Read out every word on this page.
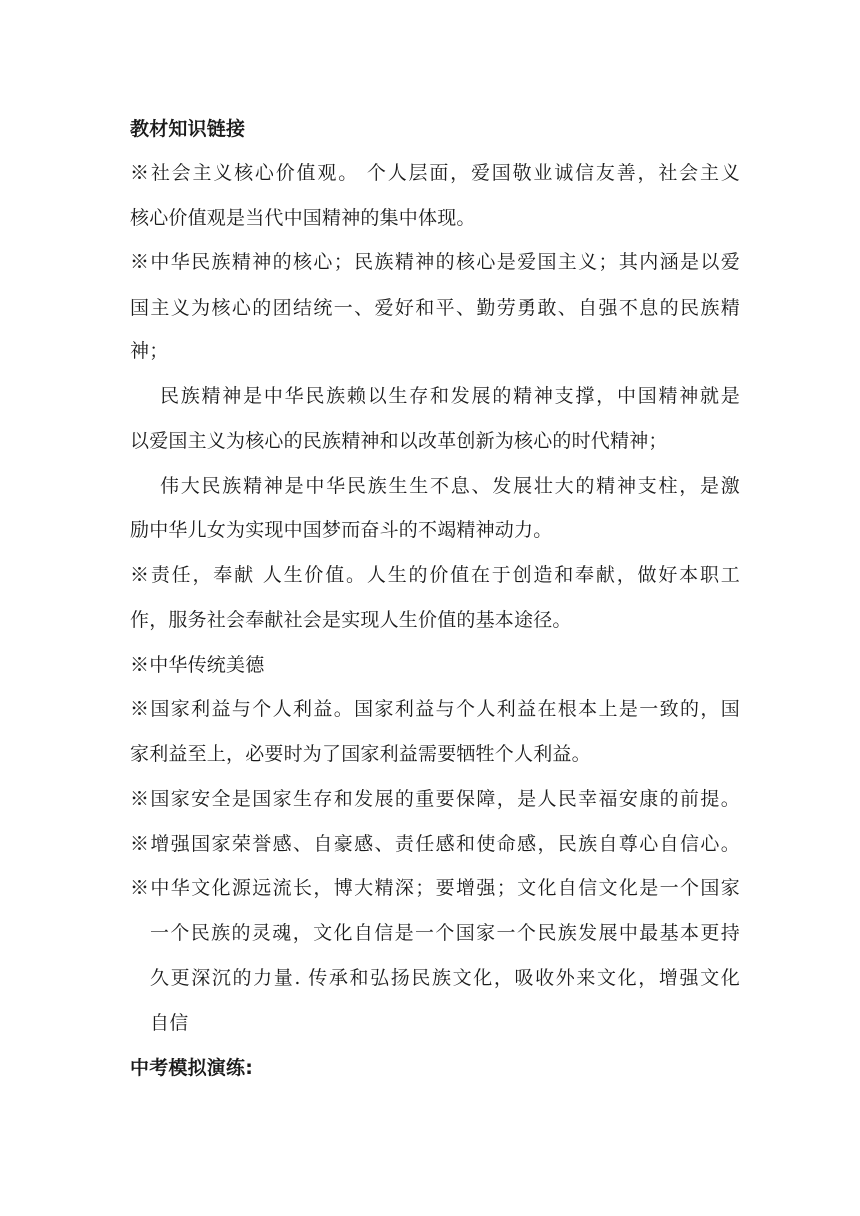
教材知识链接
※社会主义核心价值观。 个人层面，爱国敬业诚信友善，社会主义
核心价值观是当代中国精神的集中体现。
※中华民族精神的核心；民族精神的核心是爱国主义；其内涵是以爱
国主义为核心的团结统一、爱好和平、勤劳勇敢、自强不息的民族精
神；
民族精神是中华民族赖以生存和发展的精神支撑，中国精神就是
以爱国主义为核心的民族精神和以改革创新为核心的时代精神；
伟大民族精神是中华民族生生不息、发展壮大的精神支柱，是激
励中华儿女为实现中国梦而奋斗的不竭精神动力。
※责任，奉献 人生价值。人生的价值在于创造和奉献，做好本职工
作，服务社会奉献社会是实现人生价值的基本途径。
※中华传统美德
※国家利益与个人利益。国家利益与个人利益在根本上是一致的，国
家利益至上，必要时为了国家利益需要牺牲个人利益。
※国家安全是国家生存和发展的重要保障，是人民幸福安康的前提。
※增强国家荣誉感、自豪感、责任感和使命感，民族自尊心自信心。
※中华文化源远流长，博大精深；要增强；文化自信文化是一个国家
一个民族的灵魂，文化自信是一个国家一个民族发展中最基本更持
久更深沉的力量. 传承和弘扬民族文化，吸收外来文化，增强文化
自信
中考模拟演练:
